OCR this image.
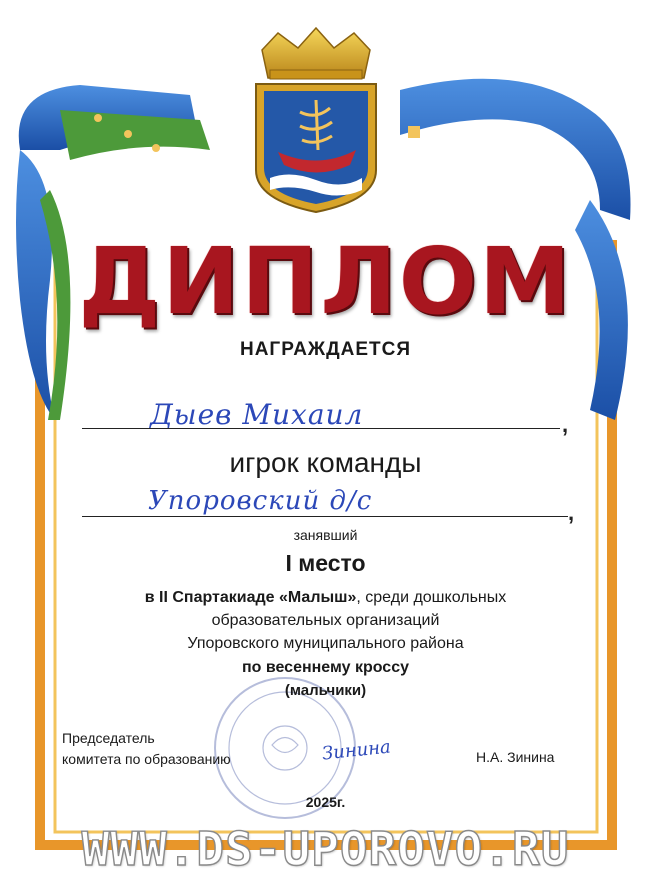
ДИПЛОМ
НАГРАЖДАЕТСЯ
Дыев Михаил	,
игрок команды
Упоровский д/с	,
занявший
I место
в II Спартакиаде «Малыш», среди дошкольных
образовательных организаций
Упоровского муниципального района
по весеннему кроссу
(мальчики)
Председатель
комитета по образованию	Зинина	Н.А. Зинина
2025г.
WWW.DS-UPOROVO.RU
